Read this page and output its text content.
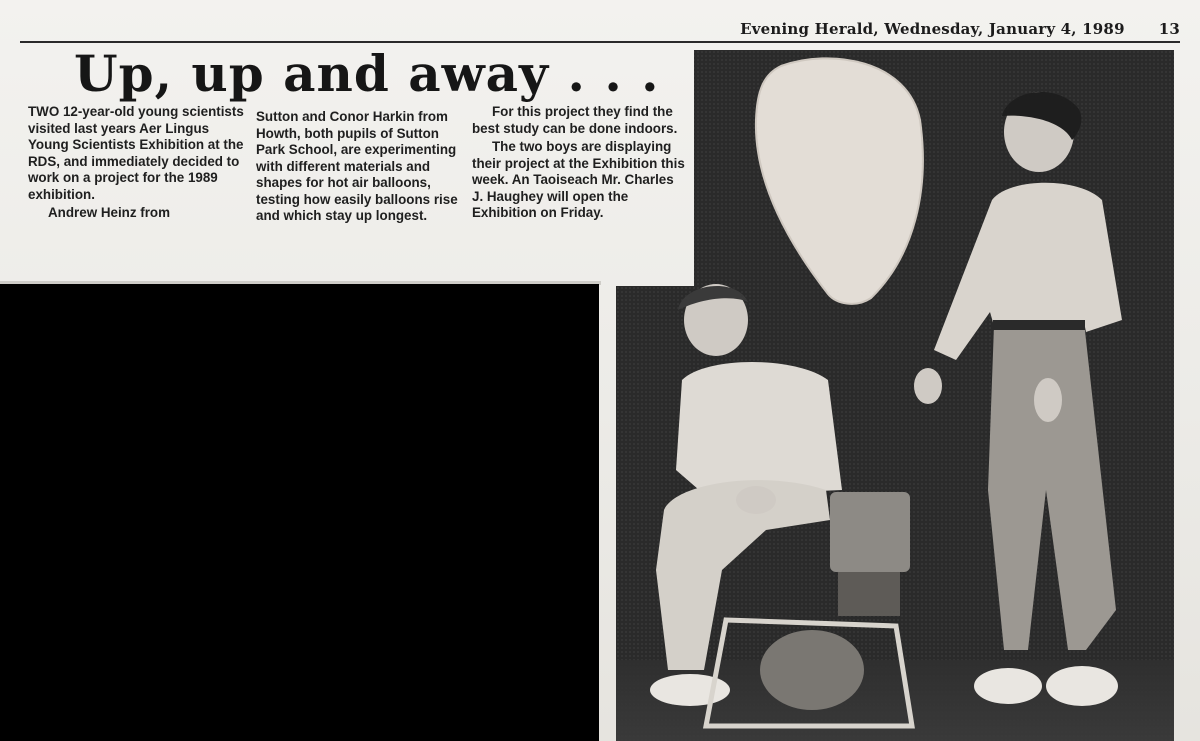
Evening Herald, Wednesday, January 4, 1989 13
Up, up and away . . .

TWO 12-year-old young scientists visited last years Aer Lingus Young Scientists Exhibition at the RDS, and immediately decided to work on a project for the 1989 exhibition.

Andrew Heinz from

Sutton and Conor Harkin from Howth, both pupils of Sutton Park School, are experimenting with different materials and shapes for hot air balloons, testing how easily balloons rise and which stay up longest.

For this project they find the best study can be done indoors.

The two boys are displaying their project at the Exhibition this week. An Taoiseach Mr. Charles J. Haughey will open the Exhibition on Friday.
